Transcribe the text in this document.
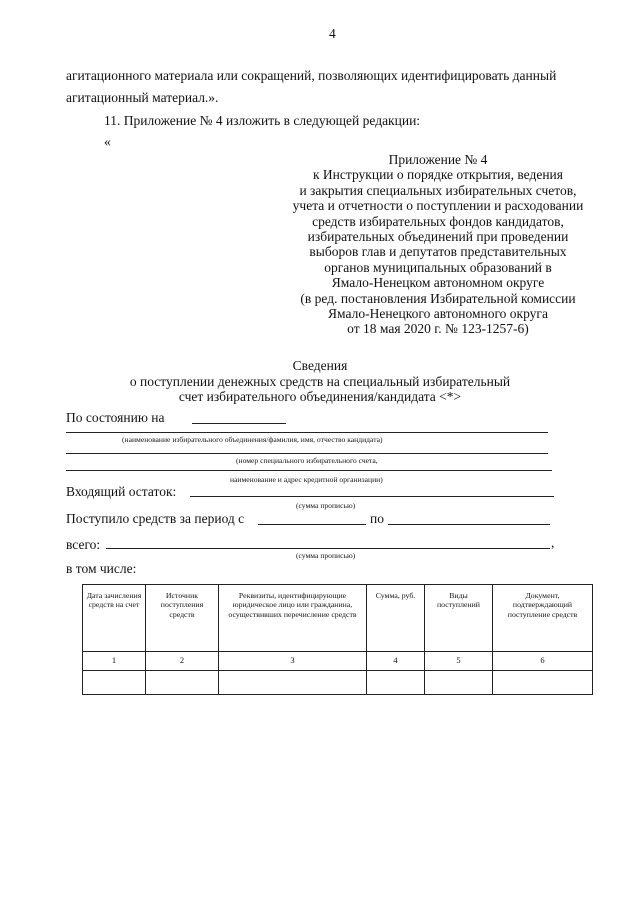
4
агитационного материала или сокращений, позволяющих идентифицировать данный
агитационный материал.».
11. Приложение № 4 изложить в следующей редакции:
«
Приложение № 4
к Инструкции о порядке открытия, ведения
и закрытия специальных избирательных счетов,
учета и отчетности о поступлении и расходовании
средств избирательных фондов кандидатов,
избирательных объединений при проведении
выборов глав и депутатов представительных
органов муниципальных образований в
Ямало-Ненецком автономном округе
(в ред. постановления Избирательной комиссии
Ямало-Ненецкого автономного округа
от 18 мая 2020 г. № 123-1257-6)
Сведения
о поступлении денежных средств на специальный избирательный
счет избирательного объединения/кандидата <*>
По состоянию на
(наименование избирательного объединения/фамилия, имя, отчество кандидата)
(номер специального избирательного счета,
наименование и адрес кредитной организации)
Входящий остаток:
(сумма прописью)
Поступило средств за период с	по
всего:	,
(сумма прописью)
в том числе:
Дата зачисления средств на счет	Источник поступления средств	Реквизиты, идентифицирующие юридическое лицо или гражданина, осуществивших перечисление средств	Сумма, руб.	Виды поступлений	Документ, подтверждающий поступление средств
1	2	3	4	5	6
